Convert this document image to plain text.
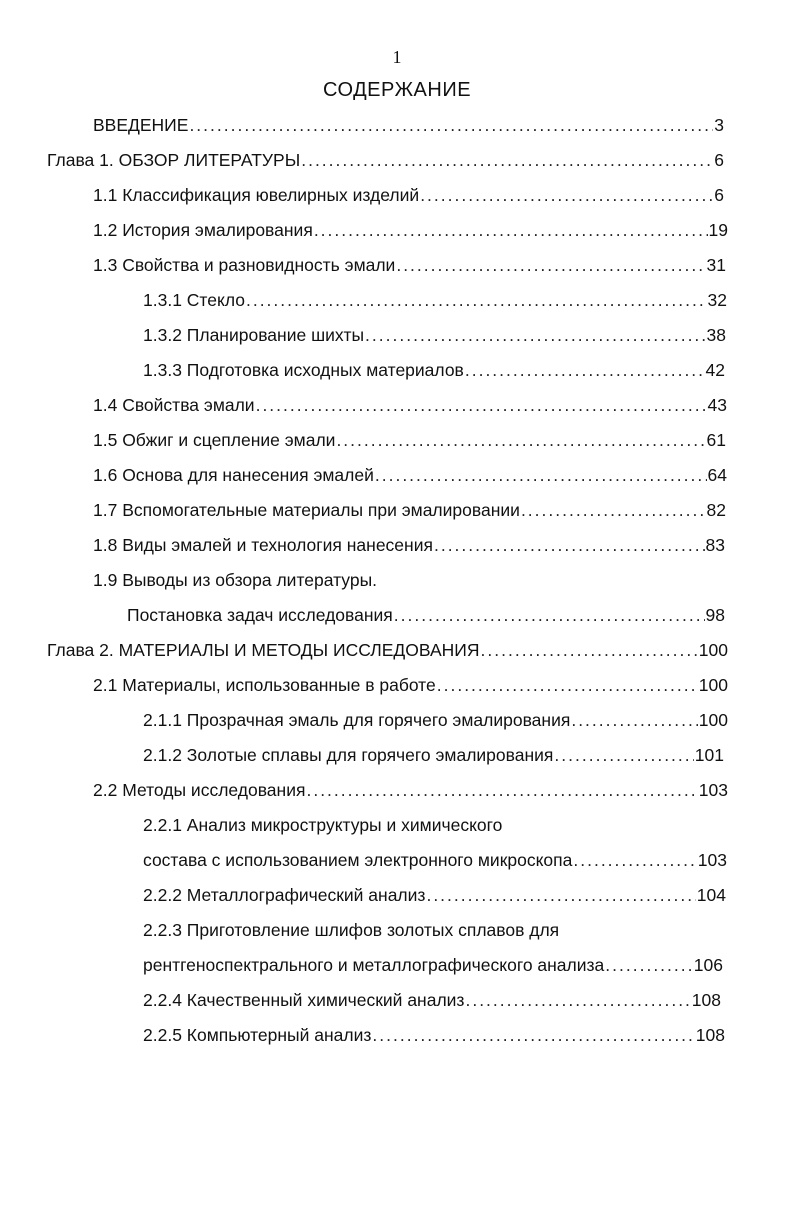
1
СОДЕРЖАНИЕ
ВВЕДЕНИЕ .....	3
Глава 1. ОБЗОР ЛИТЕРАТУРЫ .....	6
1.1 Классификация ювелирных изделий .....	6
1.2 История эмалирования .....	19
1.3 Свойства и разновидность эмали .....	31
1.3.1 Стекло .....	32
1.3.2 Планирование шихты .....	38
1.3.3 Подготовка исходных материалов .....	42
1.4 Свойства эмали .....	43
1.5 Обжиг и сцепление эмали .....	61
1.6 Основа для нанесения эмалей .....	64
1.7 Вспомогательные материалы при эмалировании .....	82
1.8 Виды эмалей и технология нанесения .....	83
1.9 Выводы из обзора литературы.
Постановка задач исследования .....	98
Глава 2. МАТЕРИАЛЫ И МЕТОДЫ ИССЛЕДОВАНИЯ .....	100
2.1 Материалы, использованные в работе .....	100
2.1.1 Прозрачная эмаль для горячего эмалирования .....	100
2.1.2 Золотые сплавы для горячего эмалирования .....	101
2.2 Методы исследования .....	103
2.2.1 Анализ микроструктуры и химического
состава с использованием электронного микроскопа .....	103
2.2.2 Металлографический анализ .....	104
2.2.3 Приготовление шлифов золотых сплавов для
рентгеноспектрального и металлографического анализа .....	106
2.2.4 Качественный химический анализ .....	108
2.2.5 Компьютерный анализ .....	108
